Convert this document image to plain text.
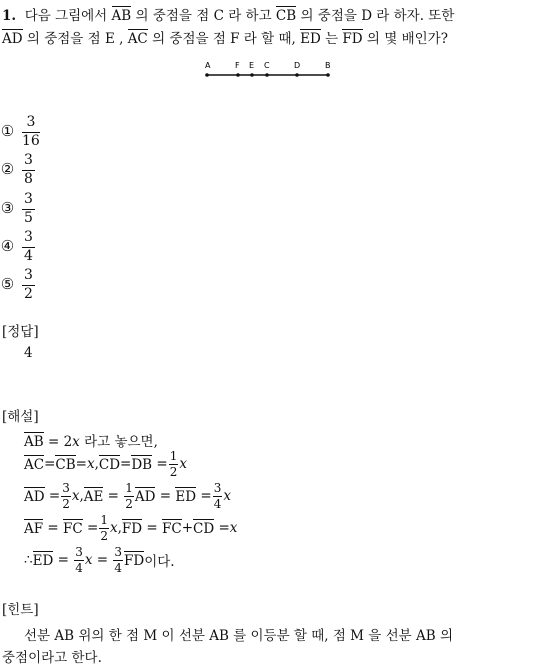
1. 다음 그림에서 AB 의 중점을 점 C 라 하고 CB 의 중점을 D 라 하자. 또한
AD 의 중점을 점 E , AC 의 중점을 점 F 라 할 때, ED 는 FD 의 몇 배인가?
A	F E C	D	B
① $\frac{3}{16}$
② $\frac{3}{8}$
③ $\frac{3}{5}$
④ $\frac{3}{4}$
⑤ $\frac{3}{2}$
[정답]
4
[해설]
AB = 2x 라고 놓으면,
AC = CB = x , CD = DB = $\frac{1}{2}$ x
AD = $\frac{3}{2}$ x , AE = $\frac{1}{2}$ AD = ED = $\frac{3}{4}$ x
AF = FC = $\frac{1}{2}$ x , FD = FC + CD = x
∴ ED = $\frac{3}{4}$ $x = \frac{3}{4}$ FD 이다.
[힌트]
선분 AB 위의 한 점 M 이 선분 AB 를 이등분 할 때, 점 M 을 선분 AB 의
중점이라고 한다.
